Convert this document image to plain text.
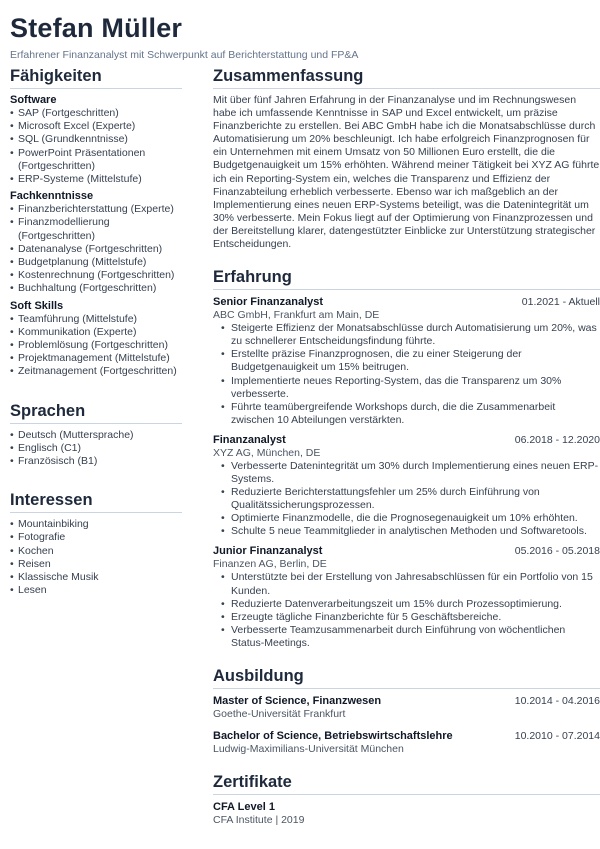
Stefan Müller
Erfahrener Finanzanalyst mit Schwerpunkt auf Berichterstattung und FP&A
Fähigkeiten
Software
• SAP (Fortgeschritten)
• Microsoft Excel (Experte)
• SQL (Grundkenntnisse)
• PowerPoint Präsentationen (Fortgeschritten)
• ERP-Systeme (Mittelstufe)
Fachkenntnisse
• Finanzberichterstattung (Experte)
• Finanzmodellierung (Fortgeschritten)
• Datenanalyse (Fortgeschritten)
• Budgetplanung (Mittelstufe)
• Kostenrechnung (Fortgeschritten)
• Buchhaltung (Fortgeschritten)
Soft Skills
• Teamführung (Mittelstufe)
• Kommunikation (Experte)
• Problemlösung (Fortgeschritten)
• Projektmanagement (Mittelstufe)
• Zeitmanagement (Fortgeschritten)
Sprachen
• Deutsch (Muttersprache)
• Englisch (C1)
• Französisch (B1)
Interessen
• Mountainbiking
• Fotografie
• Kochen
• Reisen
• Klassische Musik
• Lesen
Zusammenfassung
Mit über fünf Jahren Erfahrung in der Finanzanalyse und im Rechnungswesen habe ich umfassende Kenntnisse in SAP und Excel entwickelt, um präzise Finanzberichte zu erstellen. Bei ABC GmbH habe ich die Monatsabschlüsse durch Automatisierung um 20% beschleunigt. Ich habe erfolgreich Finanzprognosen für ein Unternehmen mit einem Umsatz von 50 Millionen Euro erstellt, die die Budgetgenauigkeit um 15% erhöhten. Während meiner Tätigkeit bei XYZ AG führte ich ein Reporting-System ein, welches die Transparenz und Effizienz der Finanzabteilung erheblich verbesserte. Ebenso war ich maßgeblich an der Implementierung eines neuen ERP-Systems beteiligt, was die Datenintegrität um 30% verbesserte. Mein Fokus liegt auf der Optimierung von Finanzprozessen und der Bereitstellung klarer, datengestützter Einblicke zur Unterstützung strategischer Entscheidungen.
Erfahrung
Senior Finanzanalyst	01.2021 - Aktuell
ABC GmbH, Frankfurt am Main, DE
• Steigerte Effizienz der Monatsabschlüsse durch Automatisierung um 20%, was zu schnellerer Entscheidungsfindung führte.
• Erstellte präzise Finanzprognosen, die zu einer Steigerung der Budgetgenauigkeit um 15% beitrugen.
• Implementierte neues Reporting-System, das die Transparenz um 30% verbesserte.
• Führte teamübergreifende Workshops durch, die die Zusammenarbeit zwischen 10 Abteilungen verstärkten.
Finanzanalyst	06.2018 - 12.2020
XYZ AG, München, DE
• Verbesserte Datenintegrität um 30% durch Implementierung eines neuen ERP-Systems.
• Reduzierte Berichterstattungsfehler um 25% durch Einführung von Qualitätssicherungsprozessen.
• Optimierte Finanzmodelle, die die Prognosegenauigkeit um 10% erhöhten.
• Schulte 5 neue Teammitglieder in analytischen Methoden und Softwaretools.
Junior Finanzanalyst	05.2016 - 05.2018
Finanzen AG, Berlin, DE
• Unterstützte bei der Erstellung von Jahresabschlüssen für ein Portfolio von 15 Kunden.
• Reduzierte Datenverarbeitungszeit um 15% durch Prozessoptimierung.
• Erzeugte tägliche Finanzberichte für 5 Geschäftsbereiche.
• Verbesserte Teamzusammenarbeit durch Einführung von wöchentlichen Status-Meetings.
Ausbildung
Master of Science, Finanzwesen	10.2014 - 04.2016
Goethe-Universität Frankfurt
Bachelor of Science, Betriebswirtschaftslehre	10.2010 - 07.2014
Ludwig-Maximilians-Universität München
Zertifikate
CFA Level 1
CFA Institute | 2019
